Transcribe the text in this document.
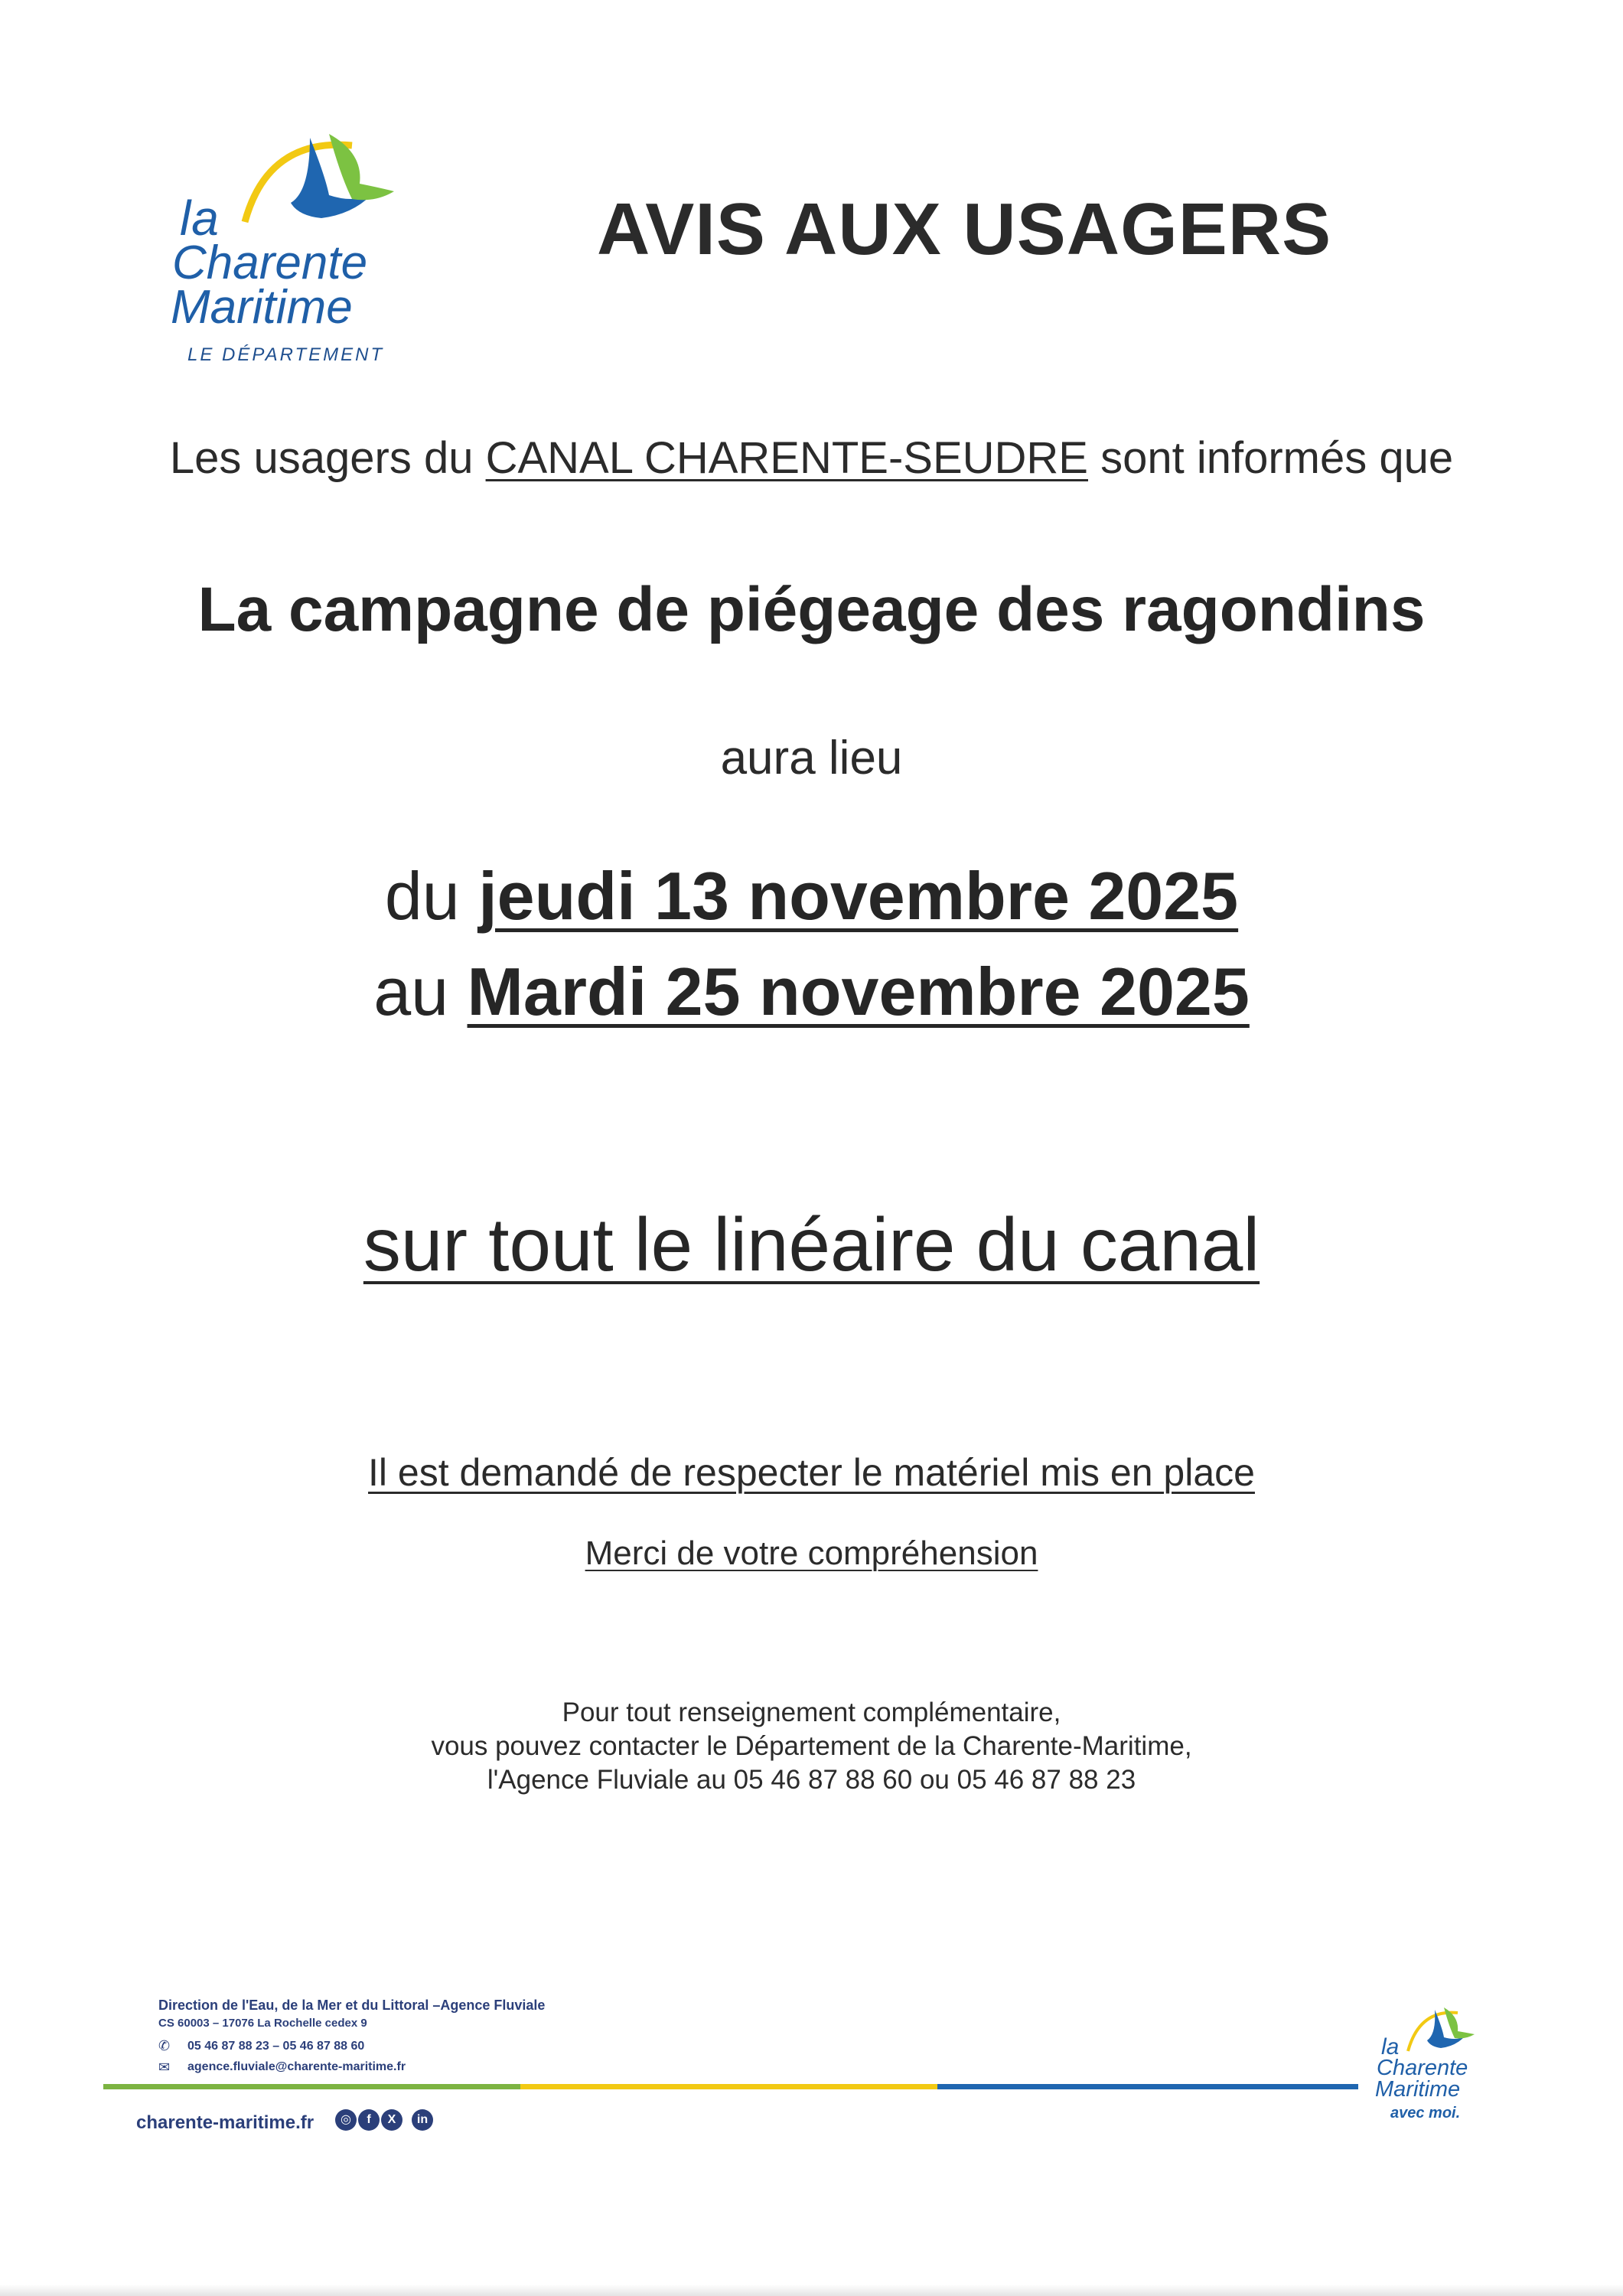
la
Charente
Maritime
LE DÉPARTEMENT
AVIS AUX USAGERS
Les usagers du CANAL CHARENTE-SEUDRE sont informés que
La campagne de piégeage des ragondins
aura lieu
du jeudi 13 novembre 2025
au Mardi 25 novembre 2025
sur tout le linéaire du canal
Il est demandé de respecter le matériel mis en place
Merci de votre compréhension
Pour tout renseignement complémentaire,
vous pouvez contacter le Département de la Charente-Maritime,
l'Agence Fluviale au 05 46 87 88 60 ou 05 46 87 88 23
Direction de l'Eau, de la Mer et du Littoral –Agence Fluviale
CS 60003 – 17076 La Rochelle cedex 9
✆ 05 46 87 88 23 – 05 46 87 88 60
✉ agence.fluviale@charente-maritime.fr
charente-maritime.fr	◎	f	X	in
la
Charente
Maritime
avec moi.
